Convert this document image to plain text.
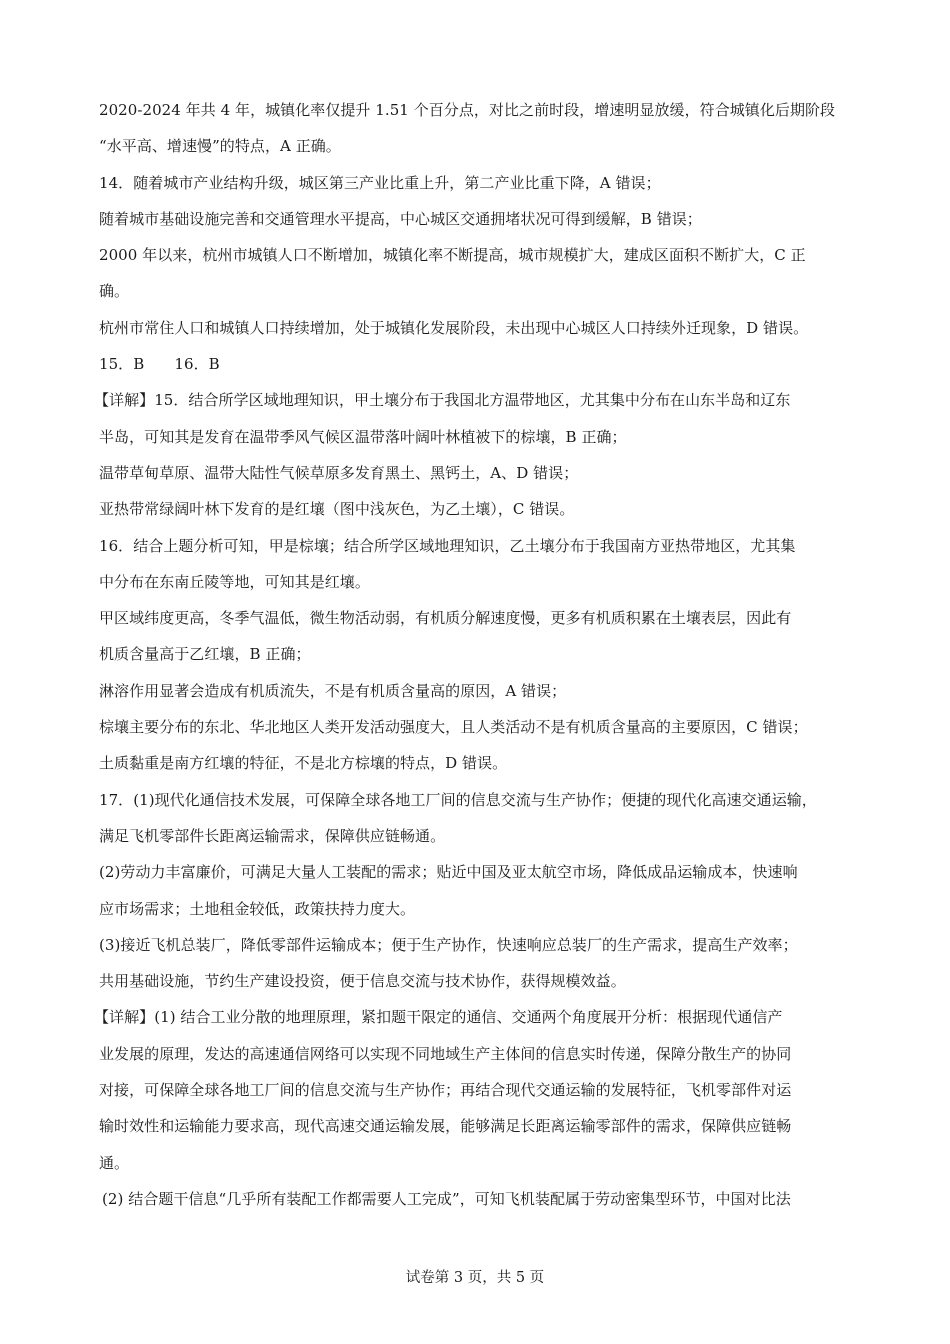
2020-2024 年共 4 年，城镇化率仅提升 1.51 个百分点，对比之前时段，增速明显放缓，符合城镇化后期阶段
“水平高、增速慢”的特点，A 正确。
14．随着城市产业结构升级，城区第三产业比重上升，第二产业比重下降，A 错误；
随着城市基础设施完善和交通管理水平提高，中心城区交通拥堵状况可得到缓解，B 错误；
2000 年以来，杭州市城镇人口不断增加，城镇化率不断提高，城市规模扩大，建成区面积不断扩大，C 正
确。
杭州市常住人口和城镇人口持续增加，处于城镇化发展阶段，未出现中心城区人口持续外迁现象，D 错误。
15．B　　16．B
【详解】15．结合所学区域地理知识，甲土壤分布于我国北方温带地区，尤其集中分布在山东半岛和辽东
半岛，可知其是发育在温带季风气候区温带落叶阔叶林植被下的棕壤，B 正确；
温带草甸草原、温带大陆性气候草原多发育黑土、黑钙土，A、D 错误；
亚热带常绿阔叶林下发育的是红壤（图中浅灰色，为乙土壤），C 错误。
16．结合上题分析可知，甲是棕壤；结合所学区域地理知识，乙土壤分布于我国南方亚热带地区，尤其集
中分布在东南丘陵等地，可知其是红壤。
甲区域纬度更高，冬季气温低，微生物活动弱，有机质分解速度慢，更多有机质积累在土壤表层，因此有
机质含量高于乙红壤，B 正确；
淋溶作用显著会造成有机质流失，不是有机质含量高的原因，A 错误；
棕壤主要分布的东北、华北地区人类开发活动强度大，且人类活动不是有机质含量高的主要原因，C 错误；
土质黏重是南方红壤的特征，不是北方棕壤的特点，D 错误。
17．(1)现代化通信技术发展，可保障全球各地工厂间的信息交流与生产协作；便捷的现代化高速交通运输，
满足飞机零部件长距离运输需求，保障供应链畅通。
(2)劳动力丰富廉价，可满足大量人工装配的需求；贴近中国及亚太航空市场，降低成品运输成本，快速响
应市场需求；土地租金较低，政策扶持力度大。
(3)接近飞机总装厂，降低零部件运输成本；便于生产协作，快速响应总装厂的生产需求，提高生产效率；
共用基础设施，节约生产建设投资，便于信息交流与技术协作，获得规模效益。
【详解】(1) 结合工业分散的地理原理，紧扣题干限定的通信、交通两个角度展开分析：根据现代通信产
业发展的原理，发达的高速通信网络可以实现不同地域生产主体间的信息实时传递，保障分散生产的协同
对接，可保障全球各地工厂间的信息交流与生产协作；再结合现代交通运输的发展特征，飞机零部件对运
输时效性和运输能力要求高，现代高速交通运输发展，能够满足长距离运输零部件的需求，保障供应链畅
通。
(2) 结合题干信息“几乎所有装配工作都需要人工完成”，可知飞机装配属于劳动密集型环节，中国对比法
试卷第 3 页，共 5 页
